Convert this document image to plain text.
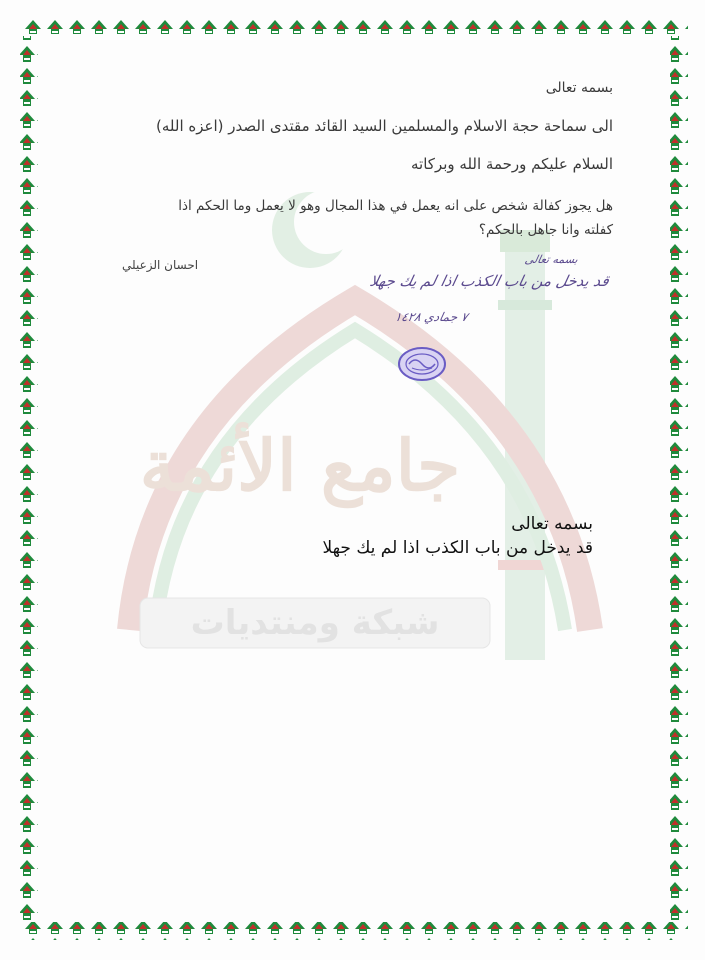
شبكة ومنتديات
جامع الأئمة
بسمه تعالى
الى سماحة حجة الاسلام والمسلمين السيد القائد مقتدى الصدر (اعزه الله)
السلام عليكم ورحمة الله وبركاته
هل يجوز كفالة شخص على انه يعمل في هذا المجال وهو لا يعمل وما الحكم اذا
كفلته وانا جاهل بالحكم؟
احسان الزعيلي	بسمه تعالى
قد يدخل من باب الكذب اذا لم يك جهلا
٧ جمادي ١٤٢٨
بسمه تعالى
قد يدخل من باب الكذب اذا لم يك جهلا
